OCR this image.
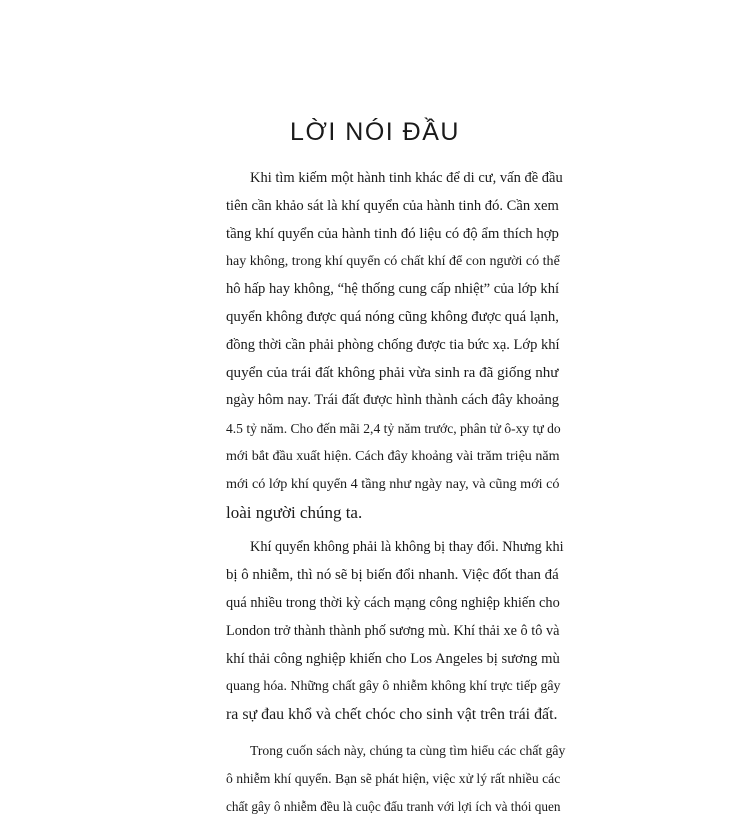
LỜI NÓI ĐẦU
Khi tìm kiếm một hành tinh khác để di cư, vấn đề đầu
tiên cần khảo sát là khí quyển của hành tinh đó. Cần xem
tầng khí quyển của hành tinh đó liệu có độ ẩm thích hợp
hay không, trong khí quyển có chất khí để con người có thể
hô hấp hay không, “hệ thống cung cấp nhiệt” của lớp khí
quyển không được quá nóng cũng không được quá lạnh,
đồng thời cần phải phòng chống được tia bức xạ. Lớp khí
quyển của trái đất không phải vừa sinh ra đã giống như
ngày hôm nay. Trái đất được hình thành cách đây khoảng
4.5 tỷ năm. Cho đến mãi 2,4 tỷ năm trước, phân tử ô-xy tự do
mới bắt đầu xuất hiện. Cách đây khoảng vài trăm triệu năm
mới có lớp khí quyển 4 tầng như ngày nay, và cũng mới có
loài người chúng ta.
Khí quyển không phải là không bị thay đổi. Nhưng khi
bị ô nhiễm, thì nó sẽ bị biến đổi nhanh. Việc đốt than đá
quá nhiều trong thời kỳ cách mạng công nghiệp khiến cho
London trở thành thành phố sương mù. Khí thải xe ô tô và
khí thải công nghiệp khiến cho Los Angeles bị sương mù
quang hóa. Những chất gây ô nhiễm không khí trực tiếp gây
ra sự đau khổ và chết chóc cho sinh vật trên trái đất.
Trong cuốn sách này, chúng ta cùng tìm hiểu các chất gây
ô nhiễm khí quyển. Bạn sẽ phát hiện, việc xử lý rất nhiều các
chất gây ô nhiễm đều là cuộc đấu tranh với lợi ích và thói quen
